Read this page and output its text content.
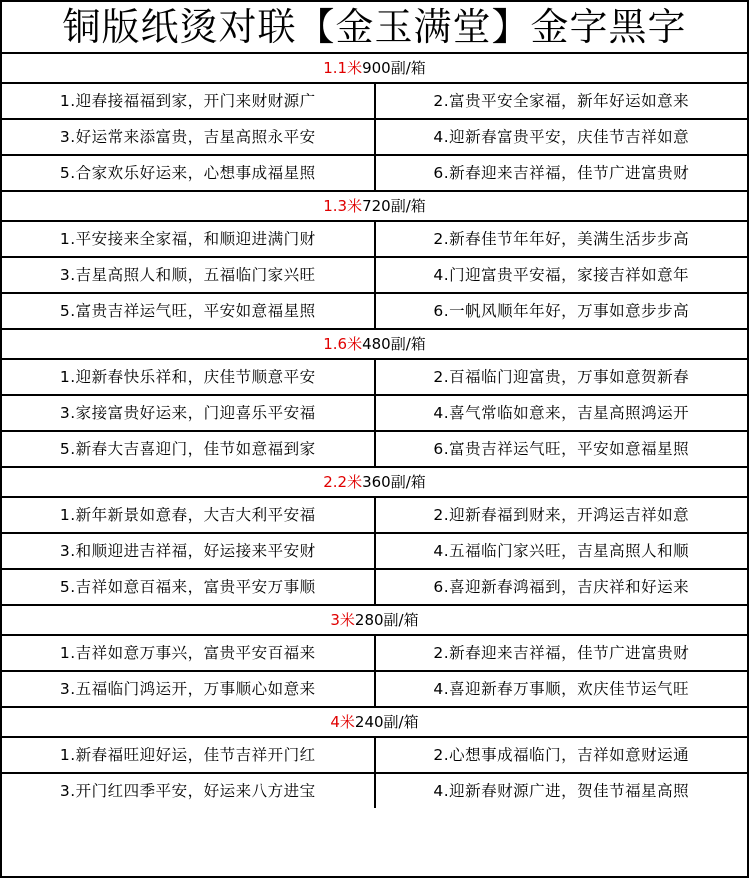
铜版纸烫对联【金玉满堂】金字黑字
1.1米900副/箱
1.迎春接福福到家，开门来财财源广	2.富贵平安全家福，新年好运如意来
3.好运常来添富贵，吉星高照永平安	4.迎新春富贵平安，庆佳节吉祥如意
5.合家欢乐好运来，心想事成福星照	6.新春迎来吉祥福，佳节广进富贵财
1.3米720副/箱
1.平安接来全家福，和顺迎进满门财	2.新春佳节年年好，美满生活步步高
3.吉星高照人和顺，五福临门家兴旺	4.门迎富贵平安福，家接吉祥如意年
5.富贵吉祥运气旺，平安如意福星照	6.一帆风顺年年好，万事如意步步高
1.6米480副/箱
1.迎新春快乐祥和，庆佳节顺意平安	2.百福临门迎富贵，万事如意贺新春
3.家接富贵好运来，门迎喜乐平安福	4.喜气常临如意来，吉星高照鸿运开
5.新春大吉喜迎门，佳节如意福到家	6.富贵吉祥运气旺，平安如意福星照
2.2米360副/箱
1.新年新景如意春，大吉大利平安福	2.迎新春福到财来，开鸿运吉祥如意
3.和顺迎进吉祥福，好运接来平安财	4.五福临门家兴旺，吉星高照人和顺
5.吉祥如意百福来，富贵平安万事顺	6.喜迎新春鸿福到，吉庆祥和好运来
3米280副/箱
1.吉祥如意万事兴，富贵平安百福来	2.新春迎来吉祥福，佳节广进富贵财
3.五福临门鸿运开，万事顺心如意来	4.喜迎新春万事顺，欢庆佳节运气旺
4米240副/箱
1.新春福旺迎好运，佳节吉祥开门红	2.心想事成福临门，吉祥如意财运通
3.开门红四季平安，好运来八方进宝	4.迎新春财源广进，贺佳节福星高照
